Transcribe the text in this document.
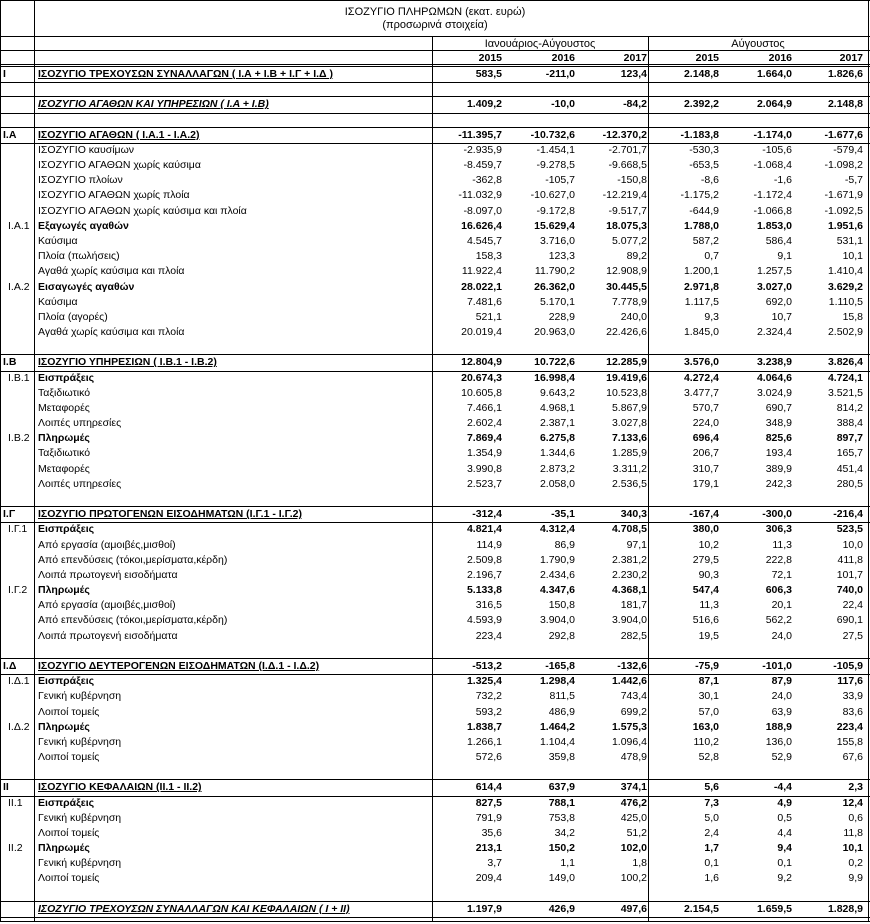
ΙΣΟΖΥΓΙΟ ΠΛΗΡΩΜΩΝ (εκατ. ευρώ)
(προσωρινά στοιχεία)
Ιανουάριος-Αύγουστος	Αύγουστος
2015	2016	2017	2015	2016	2017
I	ΙΣΟΖΥΓΙΟ ΤΡΕΧΟΥΣΩΝ ΣΥΝΑΛΛΑΓΩΝ ( Ι.Α + Ι.Β + Ι.Γ + Ι.Δ )	583,5	-211,0	123,4	2.148,8	1.664,0	1.826,6
ΙΣΟΖΥΓΙΟ ΑΓΑΘΩΝ ΚΑΙ ΥΠΗΡΕΣΙΩΝ ( Ι.Α + Ι.Β)	1.409,2	-10,0	-84,2	2.392,2	2.064,9	2.148,8
Ι.Α ΙΣΟΖΥΓΙΟ ΑΓΑΘΩΝ ( Ι.Α.1 - Ι.Α.2)	-11.395,7	-10.732,6	-12.370,2	-1.183,8	-1.174,0	-1.677,6
ΙΣΟΖΥΓΙΟ καυσίμων	-2.935,9	-1.454,1	-2.701,7	-530,3	-105,6	-579,4
ΙΣΟΖΥΓΙΟ ΑΓΑΘΩΝ χωρίς καύσιμα	-8.459,7	-9.278,5	-9.668,5	-653,5	-1.068,4	-1.098,2
ΙΣΟΖΥΓΙΟ πλοίων	-362,8	-105,7	-150,8	-8,6	-1,6	-5,7
ΙΣΟΖΥΓΙΟ ΑΓΑΘΩΝ χωρίς πλοία	-11.032,9	-10.627,0	-12.219,4	-1.175,2	-1.172,4	-1.671,9
ΙΣΟΖΥΓΙΟ ΑΓΑΘΩΝ χωρίς καύσιμα και πλοία	-8.097,0	-9.172,8	-9.517,7	-644,9	-1.066,8	-1.092,5
Ι.Α.1 Εξαγωγές αγαθών	16.626,4	15.629,4	18.075,3	1.788,0	1.853,0	1.951,6
Καύσιμα	4.545,7	3.716,0	5.077,2	587,2	586,4	531,1
Πλοία (πωλήσεις)	158,3	123,3	89,2	0,7	9,1	10,1
Αγαθά χωρίς καύσιμα και πλοία	11.922,4	11.790,2	12.908,9	1.200,1	1.257,5	1.410,4
Ι.Α.2 Εισαγωγές αγαθών	28.022,1	26.362,0	30.445,5	2.971,8	3.027,0	3.629,2
Καύσιμα	7.481,6	5.170,1	7.778,9	1.117,5	692,0	1.110,5
Πλοία (αγορές)	521,1	228,9	240,0	9,3	10,7	15,8
Αγαθά χωρίς καύσιμα και πλοία	20.019,4	20.963,0	22.426,6	1.845,0	2.324,4	2.502,9
Ι.Β ΙΣΟΖΥΓΙΟ ΥΠΗΡΕΣΙΩΝ ( Ι.Β.1 - Ι.Β.2)	12.804,9	10.722,6	12.285,9	3.576,0	3.238,9	3.826,4
Ι.Β.1 Εισπράξεις	20.674,3	16.998,4	19.419,6	4.272,4	4.064,6	4.724,1
Ταξιδιωτικό	10.605,8	9.643,2	10.523,8	3.477,7	3.024,9	3.521,5
Μεταφορές	7.466,1	4.968,1	5.867,9	570,7	690,7	814,2
Λοιπές υπηρεσίες	2.602,4	2.387,1	3.027,8	224,0	348,9	388,4
Ι.Β.2 Πληρωμές	7.869,4	6.275,8	7.133,6	696,4	825,6	897,7
Ταξιδιωτικό	1.354,9	1.344,6	1.285,9	206,7	193,4	165,7
Μεταφορές	3.990,8	2.873,2	3.311,2	310,7	389,9	451,4
Λοιπές υπηρεσίες	2.523,7	2.058,0	2.536,5	179,1	242,3	280,5
Ι.Γ ΙΣΟΖΥΓΙΟ ΠΡΩΤΟΓΕΝΩΝ ΕΙΣΟΔΗΜΑΤΩΝ (Ι.Γ.1 - Ι.Γ.2)	-312,4	-35,1	340,3	-167,4	-300,0	-216,4
Ι.Γ.1 Εισπράξεις	4.821,4	4.312,4	4.708,5	380,0	306,3	523,5
Από εργασία (αμοιβές,μισθοί)	114,9	86,9	97,1	10,2	11,3	10,0
Από επενδύσεις (τόκοι,μερίσματα,κέρδη)	2.509,8	1.790,9	2.381,2	279,5	222,8	411,8
Λοιπά πρωτογενή εισοδήματα	2.196,7	2.434,6	2.230,2	90,3	72,1	101,7
Ι.Γ.2 Πληρωμές	5.133,8	4.347,6	4.368,1	547,4	606,3	740,0
Από εργασία (αμοιβές,μισθοί)	316,5	150,8	181,7	11,3	20,1	22,4
Από επενδύσεις (τόκοι,μερίσματα,κέρδη)	4.593,9	3.904,0	3.904,0	516,6	562,2	690,1
Λοιπά πρωτογενή εισοδήματα	223,4	292,8	282,5	19,5	24,0	27,5
Ι.Δ ΙΣΟΖΥΓΙΟ ΔΕΥΤΕΡΟΓΕΝΩΝ ΕΙΣΟΔΗΜΑΤΩΝ (Ι.Δ.1 - Ι.Δ.2)	-513,2	-165,8	-132,6	-75,9	-101,0	-105,9
Ι.Δ.1 Εισπράξεις	1.325,4	1.298,4	1.442,6	87,1	87,9	117,6
Γενική κυβέρνηση	732,2	811,5	743,4	30,1	24,0	33,9
Λοιποί τομείς	593,2	486,9	699,2	57,0	63,9	83,6
Ι.Δ.2 Πληρωμές	1.838,7	1.464,2	1.575,3	163,0	188,9	223,4
Γενική κυβέρνηση	1.266,1	1.104,4	1.096,4	110,2	136,0	155,8
Λοιποί τομείς	572,6	359,8	478,9	52,8	52,9	67,6
II	ΙΣΟΖΥΓΙΟ ΚΕΦΑΛΑΙΩΝ (ΙΙ.1 - ΙΙ.2)	614,4	637,9	374,1	5,6	-4,4	2,3
ΙΙ.1 Εισπράξεις	827,5	788,1	476,2	7,3	4,9	12,4
Γενική κυβέρνηση	791,9	753,8	425,0	5,0	0,5	0,6
Λοιποί τομείς	35,6	34,2	51,2	2,4	4,4	11,8
ΙΙ.2 Πληρωμές	213,1	150,2	102,0	1,7	9,4	10,1
Γενική κυβέρνηση	3,7	1,1	1,8	0,1	0,1	0,2
Λοιποί τομείς	209,4	149,0	100,2	1,6	9,2	9,9
ΙΣΟΖΥΓΙΟ ΤΡΕΧΟΥΣΩΝ ΣΥΝΑΛΛΑΓΩΝ ΚΑΙ ΚΕΦΑΛΑΙΩΝ ( Ι + ΙΙ)	1.197,9	426,9	497,6	2.154,5	1.659,5	1.828,9
